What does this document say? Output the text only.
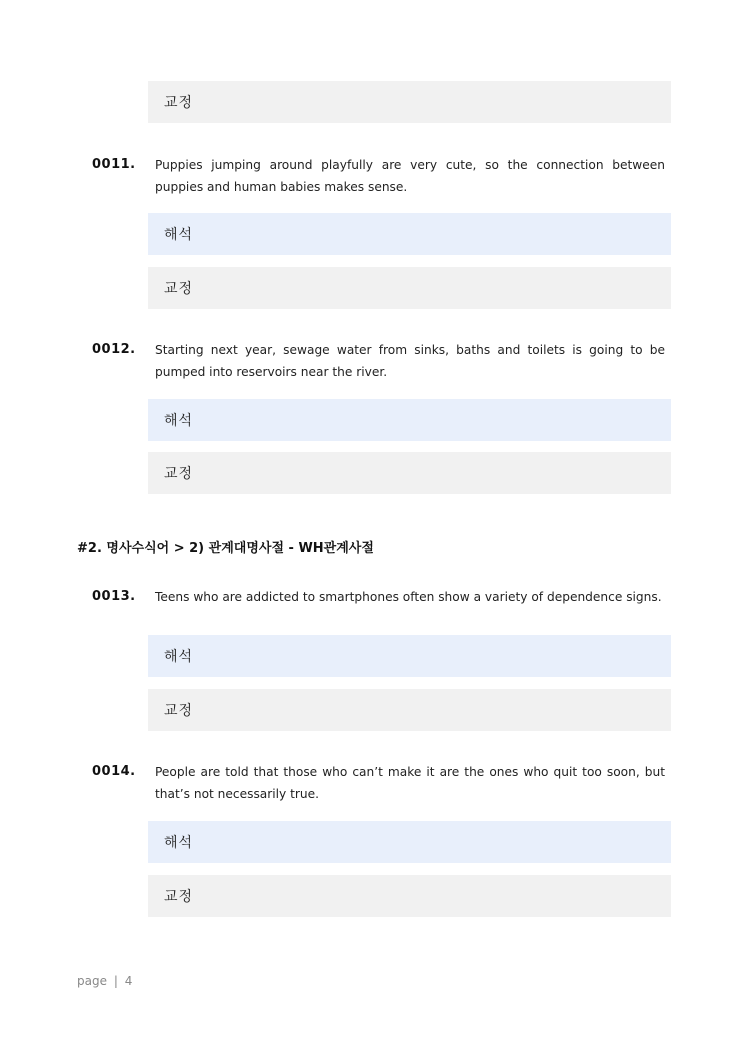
교정
0011. Puppies jumping around playfully are very cute, so the connection between puppies and human babies makes sense.
해석
교정
0012. Starting next year, sewage water from sinks, baths and toilets is going to be pumped into reservoirs near the river.
해석
교정
#2. 명사수식어 > 2) 관계대명사절 - WH관계사절
0013. Teens who are addicted to smartphones often show a variety of dependence signs.
해석
교정
0014. People are told that those who can’t make it are the ones who quit too soon, but that’s not necessarily true.
해석
교정
page | 4
